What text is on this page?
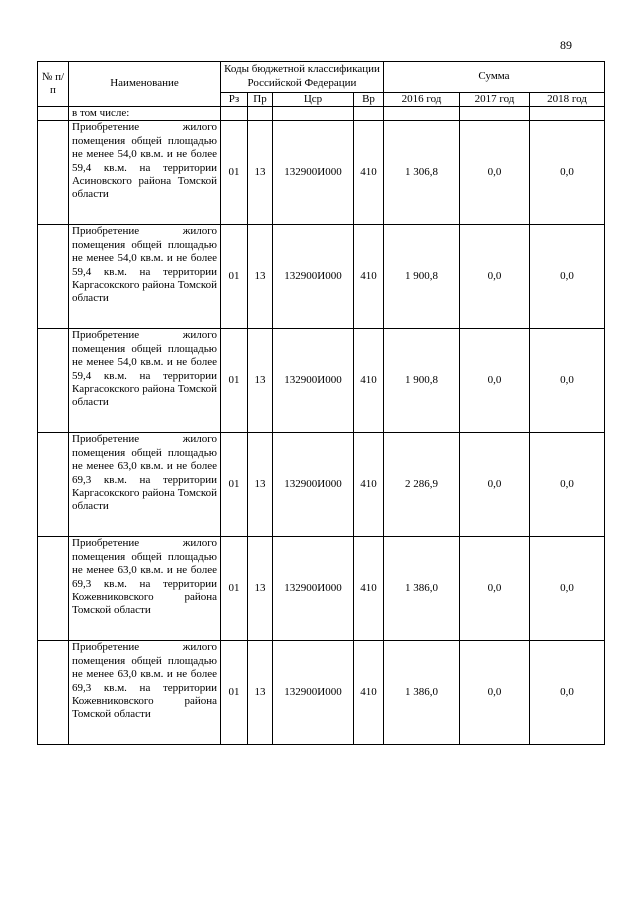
89
№ п/п	Наименование	Коды бюджетной классификации Российской Федерации				Сумма		
		Рз	Пр	Цср	Вр	2016 год	2017 год	2018 год
	в том числе:							
	Приобретение жилого помещения общей площадью не менее 54,0 кв.м. и не более 59,4 кв.м. на территории Асиновского района Томской области	01	13	132900И000	410	1 306,8	0,0	0,0
	Приобретение жилого помещения общей площадью не менее 54,0 кв.м. и не более 59,4 кв.м. на территории Каргасокского района Томской области	01	13	132900И000	410	1 900,8	0,0	0,0
	Приобретение жилого помещения общей площадью не менее 54,0 кв.м. и не более 59,4 кв.м. на территории Каргасокского района Томской области	01	13	132900И000	410	1 900,8	0,0	0,0
	Приобретение жилого помещения общей площадью не менее 63,0 кв.м. и не более 69,3 кв.м. на территории Каргасокского района Томской области	01	13	132900И000	410	2 286,9	0,0	0,0
	Приобретение жилого помещения общей площадью не менее 63,0 кв.м. и не более 69,3 кв.м. на территории Кожевниковского района Томской области	01	13	132900И000	410	1 386,0	0,0	0,0
	Приобретение жилого помещения общей площадью не менее 63,0 кв.м. и не более 69,3 кв.м. на территории Кожевниковского района Томской области	01	13	132900И000	410	1 386,0	0,0	0,0
